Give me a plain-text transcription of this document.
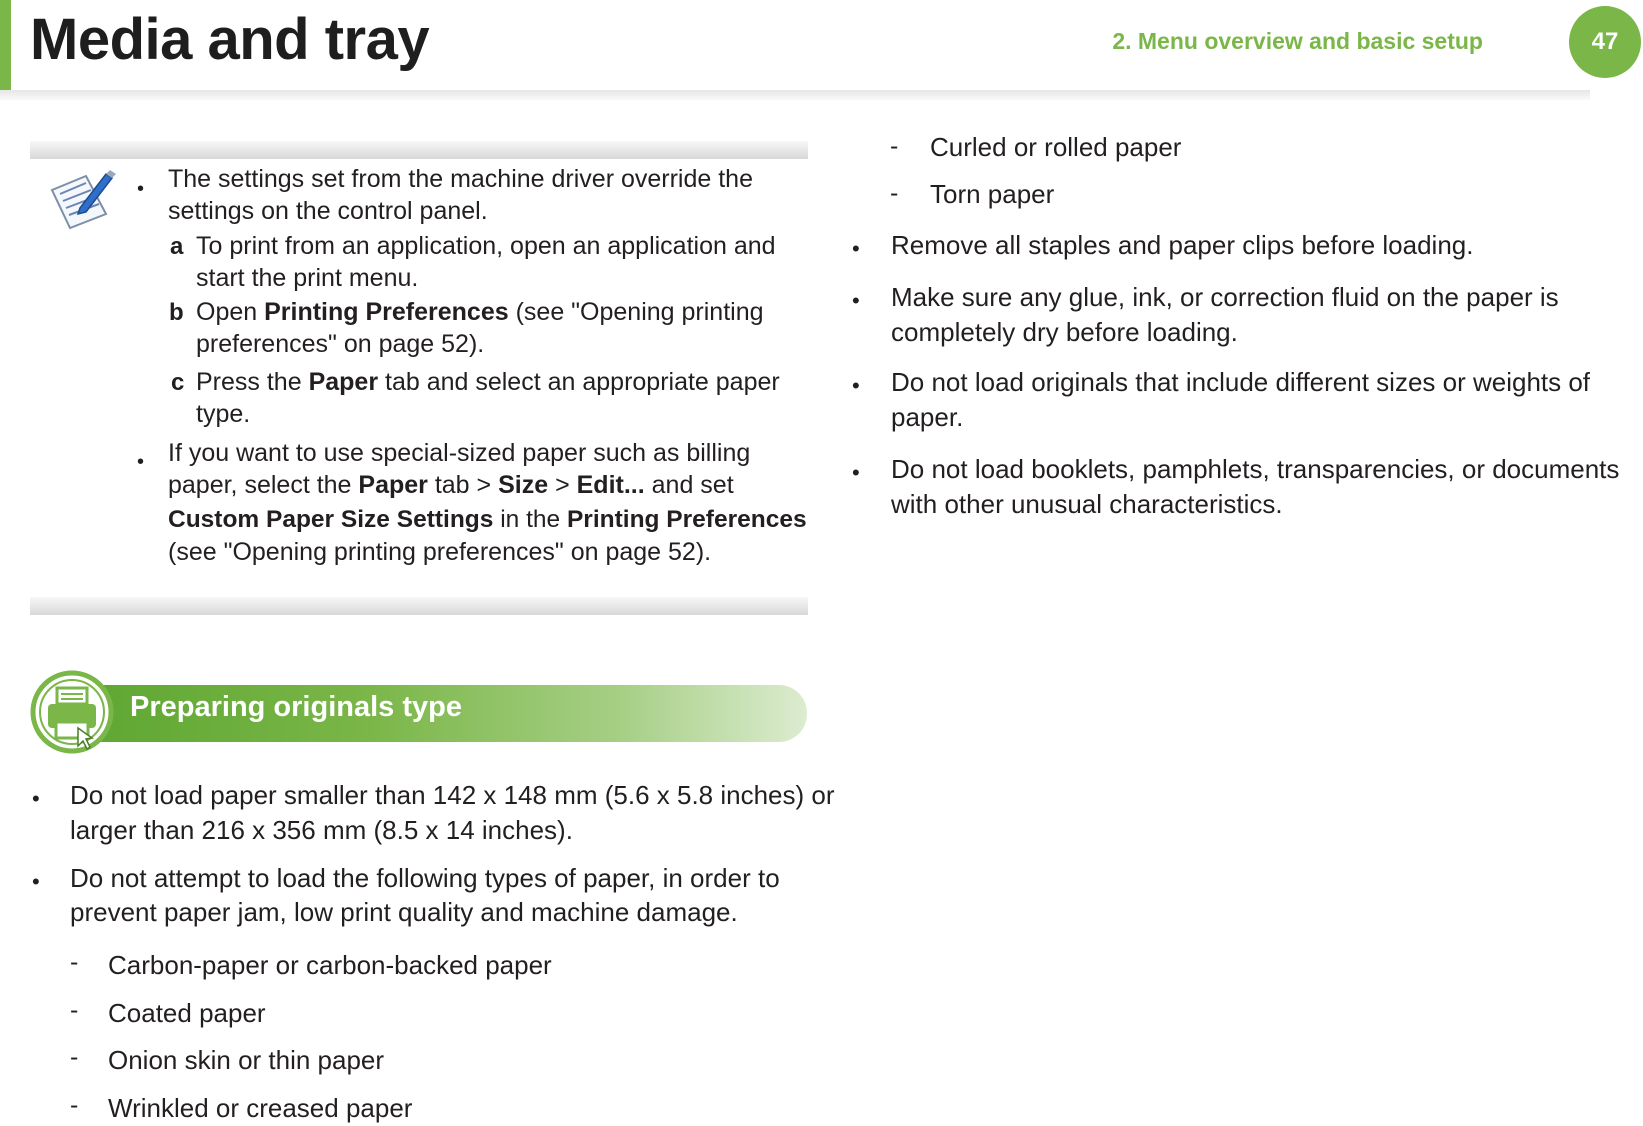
Media and tray	2. Menu overview and basic setup	47
• The settings set from the machine driver override the
settings on the control panel.
a To print from an application, open an application and
start the print menu.
b Open Printing Preferences (see "Opening printing
preferences" on page 52).
c Press the Paper tab and select an appropriate paper
type.
• If you want to use special-sized paper such as billing
paper, select the Paper tab > Size > Edit... and set
Custom Paper Size Settings in the Printing Preferences
(see "Opening printing preferences" on page 52).
Preparing originals type
• Do not load paper smaller than 142 x 148 mm (5.6 x 5.8 inches) or
larger than 216 x 356 mm (8.5 x 14 inches).
• Do not attempt to load the following types of paper, in order to
prevent paper jam, low print quality and machine damage.
- Carbon-paper or carbon-backed paper
- Coated paper
- Onion skin or thin paper
- Wrinkled or creased paper
- Curled or rolled paper
- Torn paper
• Remove all staples and paper clips before loading.
• Make sure any glue, ink, or correction fluid on the paper is
completely dry before loading.
• Do not load originals that include different sizes or weights of
paper.
• Do not load booklets, pamphlets, transparencies, or documents
with other unusual characteristics.
